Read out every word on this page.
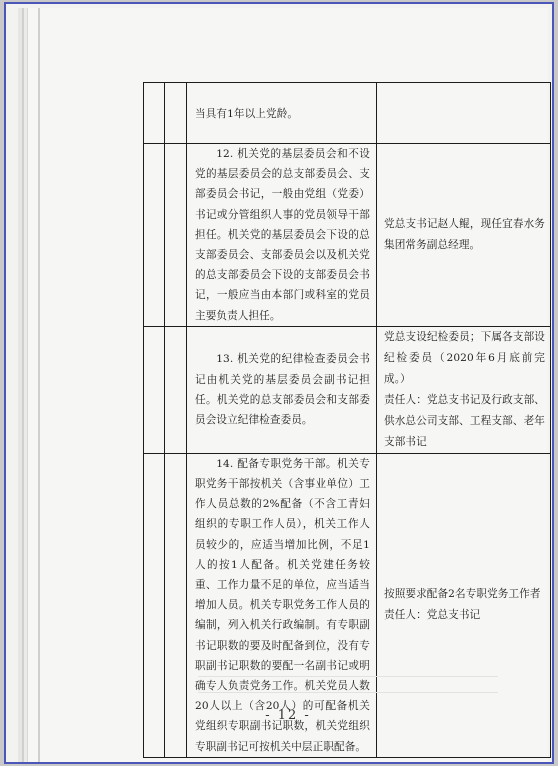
		当具有1年以上党龄。	

		12. 机关党的基层委员会和不设党的基层委员会的总支部委员会、支部委员会书记，一般由党组（党委）书记或分管组织人事的党员领导干部担任。机关党的基层委员会下设的总支部委员会、支部委员会以及机关党的总支部委员会下设的支部委员会书记，一般应当由本部门或科室的党员主要负责人担任。	党总支书记赵人鲲，现任宜春水务集团常务副总经理。

		13. 机关党的纪律检查委员会书记由机关党的基层委员会副书记担任。机关党的总支部委员会和支部委员会设立纪律检查委员。	党总支设纪检委员；下属各支部设纪检委员（2020年6月底前完成。）
责任人：党总支书记及行政支部、供水总公司支部、工程支部、老年支部书记

		14. 配备专职党务干部。机关专职党务干部按机关（含事业单位）工作人员总数的2%配备（不含工青妇组织的专职工作人员），机关工作人员较少的，应适当增加比例，不足1人的按1人配备。机关党建任务较重、工作力量不足的单位，应当适当增加人员。机关专职党务工作人员的编制，列入机关行政编制。有专职副书记职数的要及时配备到位，没有专职副书记职数的要配一名副书记或明确专人负责党务工作。机关党员人数20人以上（含20人）的可配备机关党组织专职副书记职数，机关党组织专职副书记可按机关中层正职配备。	按照要求配备2名专职党务工作者
责任人：党总支书记
- 12 -
